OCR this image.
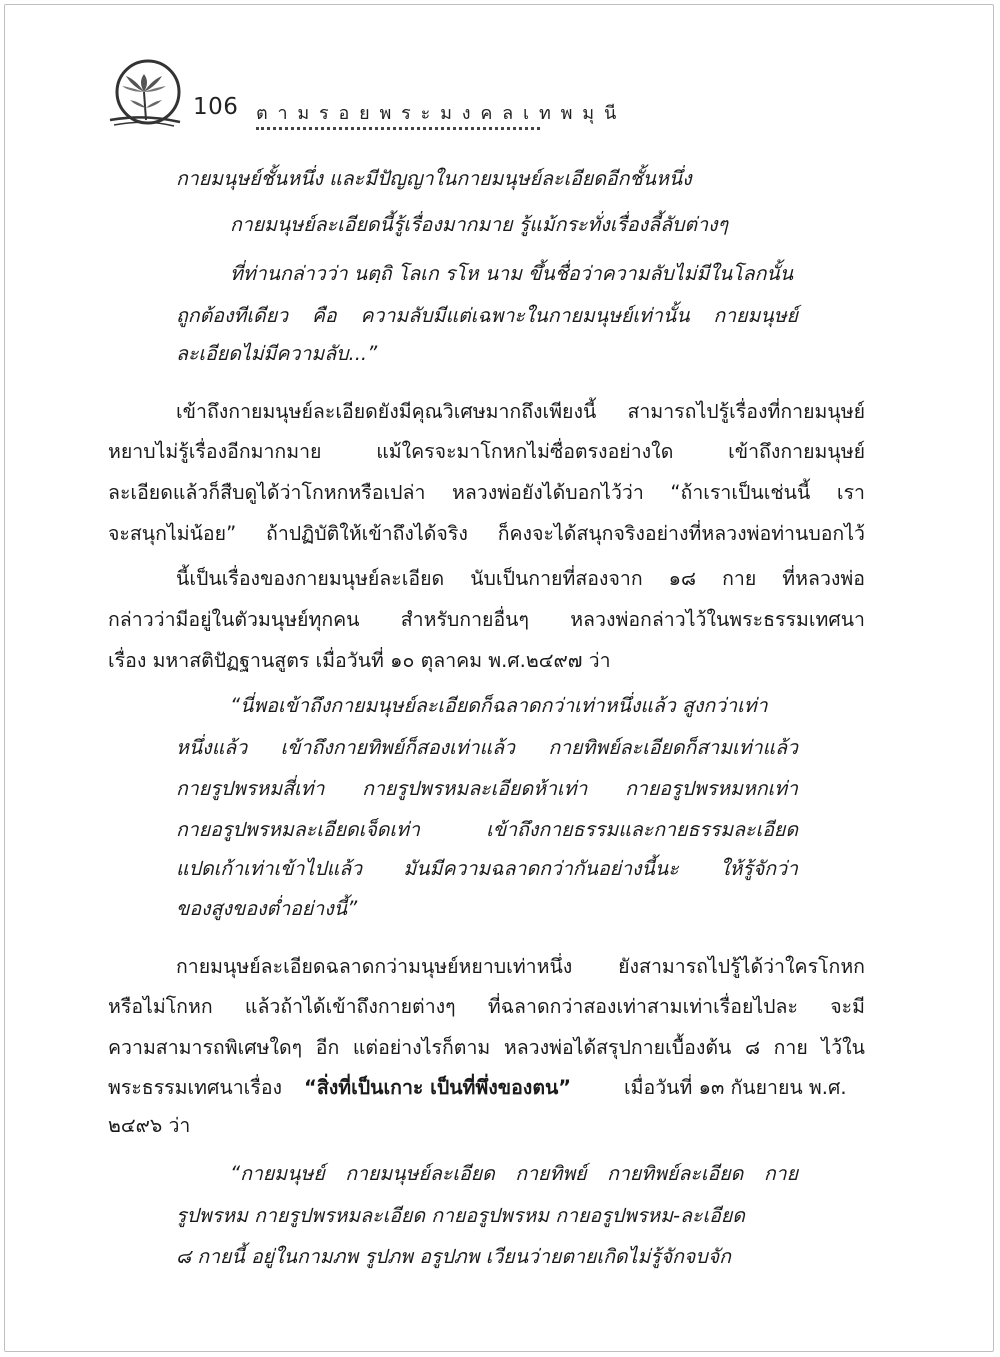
106 ตามรอยพระมงคลเทพมุนี
กายมนุษย์ชั้นหนึ่ง และมีปัญญาในกายมนุษย์ละเอียดอีกชั้นหนึ่ง
กายมนุษย์ละเอียดนี้รู้เรื่องมากมาย รู้แม้กระทั่งเรื่องลี้ลับต่างๆ
ที่ท่านกล่าวว่า นตฺถิ โลเก รโห นาม ขึ้นชื่อว่าความลับไม่มีในโลกนั้น
ถูกต้องทีเดียว คือ ความลับมีแต่เฉพาะในกายมนุษย์เท่านั้น กายมนุษย์
ละเอียดไม่มีความลับ...”
เข้าถึงกายมนุษย์ละเอียดยังมีคุณวิเศษมากถึงเพียงนี้ สามารถไปรู้เรื่องที่กายมนุษย์
หยาบไม่รู้เรื่องอีกมากมาย แม้ใครจะมาโกหกไม่ซื่อตรงอย่างใด เข้าถึงกายมนุษย์
ละเอียดแล้วก็สืบดูได้ว่าโกหกหรือเปล่า หลวงพ่อยังได้บอกไว้ว่า “ถ้าเราเป็นเช่นนี้ เรา
จะสนุกไม่น้อย” ถ้าปฏิบัติให้เข้าถึงได้จริง ก็คงจะได้สนุกจริงอย่างที่หลวงพ่อท่านบอกไว้
นี้เป็นเรื่องของกายมนุษย์ละเอียด นับเป็นกายที่สองจาก ๑๘ กาย ที่หลวงพ่อ
กล่าวว่ามีอยู่ในตัวมนุษย์ทุกคน สำหรับกายอื่นๆ หลวงพ่อกล่าวไว้ในพระธรรมเทศนา
เรื่อง มหาสติปัฏฐานสูตร เมื่อวันที่ ๑๐ ตุลาคม พ.ศ.๒๔๙๗ ว่า
“นี่พอเข้าถึงกายมนุษย์ละเอียดก็ฉลาดกว่าเท่าหนึ่งแล้ว สูงกว่าเท่า
หนึ่งแล้ว เข้าถึงกายทิพย์ก็สองเท่าแล้ว กายทิพย์ละเอียดก็สามเท่าแล้ว
กายรูปพรหมสี่เท่า กายรูปพรหมละเอียดห้าเท่า กายอรูปพรหมหกเท่า
กายอรูปพรหมละเอียดเจ็ดเท่า เข้าถึงกายธรรมและกายธรรมละเอียด
แปดเก้าเท่าเข้าไปแล้ว มันมีความฉลาดกว่ากันอย่างนี้นะ ให้รู้จักว่า
ของสูงของต่ำอย่างนี้”
กายมนุษย์ละเอียดฉลาดกว่ามนุษย์หยาบเท่าหนึ่ง ยังสามารถไปรู้ได้ว่าใครโกหก
หรือไม่โกหก แล้วถ้าได้เข้าถึงกายต่างๆ ที่ฉลาดกว่าสองเท่าสามเท่าเรื่อยไปละ จะมี
ความสามารถพิเศษใดๆ อีก แต่อย่างไรก็ตาม หลวงพ่อได้สรุปกายเบื้องต้น ๘ กาย ไว้ใน
พระธรรมเทศนาเรื่อง “สิ่งที่เป็นเกาะ เป็นที่พึ่งของตน”	เมื่อวันที่ ๑๓ กันยายน พ.ศ.
๒๔๙๖ ว่า
“กายมนุษย์ กายมนุษย์ละเอียด กายทิพย์ กายทิพย์ละเอียด กาย
รูปพรหม กายรูปพรหมละเอียด กายอรูปพรหม กายอรูปพรหม-ละเอียด
๘ กายนี้ อยู่ในกามภพ รูปภพ อรูปภพ เวียนว่ายตายเกิดไม่รู้จักจบจัก
